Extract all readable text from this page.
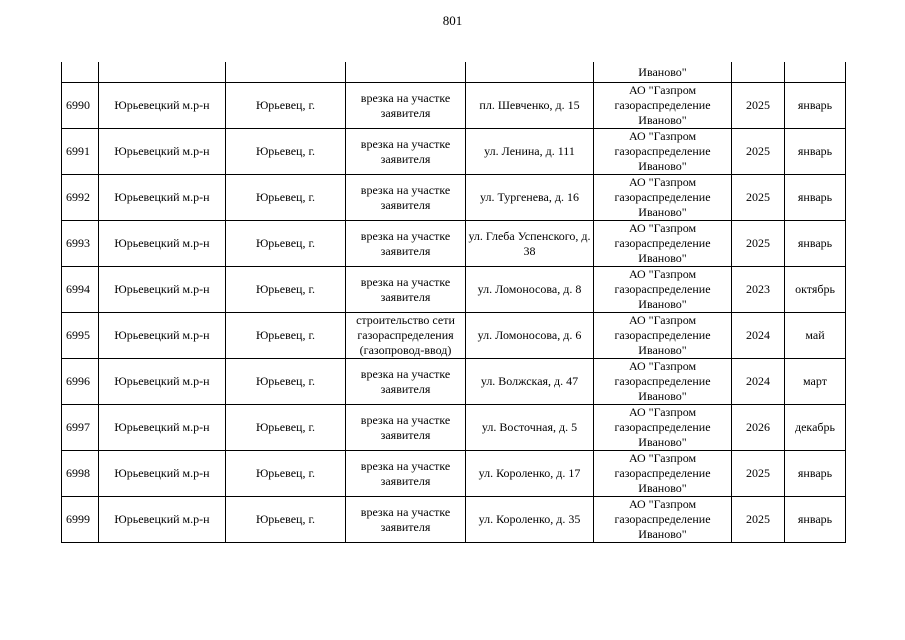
801
					Иваново"		
6990	Юрьевецкий м.р-н	Юрьевец, г.	врезка на участке заявителя	пл. Шевченко, д. 15	АО "Газпром газораспределение Иваново"	2025	январь
6991	Юрьевецкий м.р-н	Юрьевец, г.	врезка на участке заявителя	ул. Ленина, д. 111	АО "Газпром газораспределение Иваново"	2025	январь
6992	Юрьевецкий м.р-н	Юрьевец, г.	врезка на участке заявителя	ул. Тургенева, д. 16	АО "Газпром газораспределение Иваново"	2025	январь
6993	Юрьевецкий м.р-н	Юрьевец, г.	врезка на участке заявителя	ул. Глеба Успенского, д. 38	АО "Газпром газораспределение Иваново"	2025	январь
6994	Юрьевецкий м.р-н	Юрьевец, г.	врезка на участке заявителя	ул. Ломоносова, д. 8	АО "Газпром газораспределение Иваново"	2023	октябрь
6995	Юрьевецкий м.р-н	Юрьевец, г.	строительство сети газораспределения (газопровод-ввод)	ул. Ломоносова, д. 6	АО "Газпром газораспределение Иваново"	2024	май
6996	Юрьевецкий м.р-н	Юрьевец, г.	врезка на участке заявителя	ул. Волжская, д. 47	АО "Газпром газораспределение Иваново"	2024	март
6997	Юрьевецкий м.р-н	Юрьевец, г.	врезка на участке заявителя	ул. Восточная, д. 5	АО "Газпром газораспределение Иваново"	2026	декабрь
6998	Юрьевецкий м.р-н	Юрьевец, г.	врезка на участке заявителя	ул. Короленко, д. 17	АО "Газпром газораспределение Иваново"	2025	январь
6999	Юрьевецкий м.р-н	Юрьевец, г.	врезка на участке заявителя	ул. Короленко, д. 35	АО "Газпром газораспределение Иваново"	2025	январь
